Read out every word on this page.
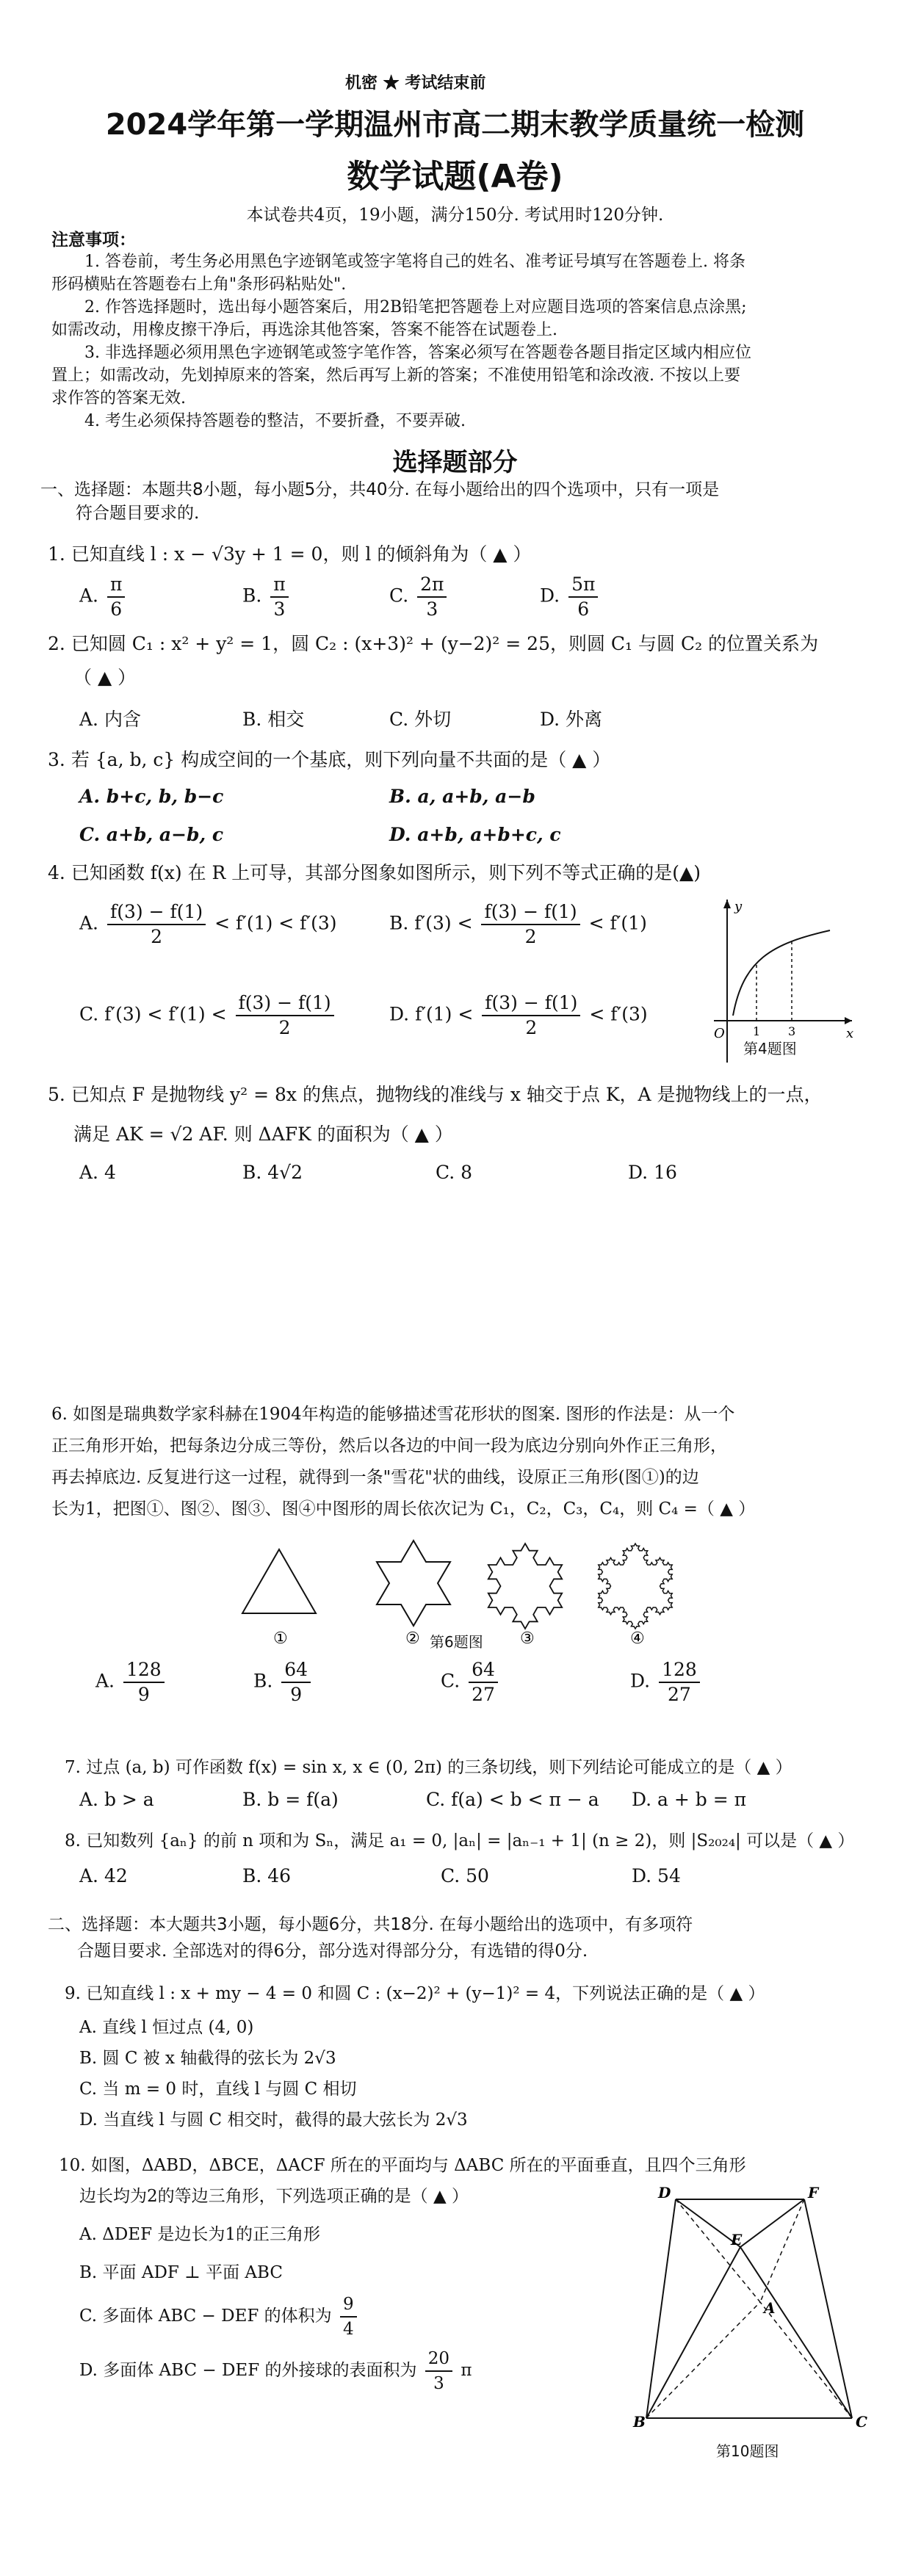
机密 ★ 考试结束前
2024学年第一学期温州市高二期末教学质量统一检测
数学试题(A卷)
本试卷共4页，19小题，满分150分. 考试用时120分钟.
注意事项：
1. 答卷前，考生务必用黑色字迹钢笔或签字笔将自己的姓名、准考证号填写在答题卷上. 将条
形码横贴在答题卷右上角"条形码粘贴处".
2. 作答选择题时，选出每小题答案后，用2B铅笔把答题卷上对应题目选项的答案信息点涂黑;
如需改动，用橡皮擦干净后，再选涂其他答案，答案不能答在试题卷上.
3. 非选择题必须用黑色字迹钢笔或签字笔作答，答案必须写在答题卷各题目指定区域内相应位
置上；如需改动，先划掉原来的答案，然后再写上新的答案；不准使用铅笔和涂改液. 不按以上要
求作答的答案无效.
4. 考生必须保持答题卷的整洁，不要折叠，不要弄破.
选择题部分
一、选择题：本题共8小题，每小题5分，共40分. 在每小题给出的四个选项中，只有一项是
符合题目要求的.
1. 已知直线 l : x − √3y + 1 = 0，则 l 的倾斜角为（ ▲ ）
A. $\frac{\pi}{6}$	B. $\frac{\pi}{3}$	C. $\frac{2\pi}{3}$	D. $\frac{5\pi}{6}$
2. 已知圆 C₁ : x² + y² = 1，圆 C₂ : (x+3)² + (y−2)² = 25，则圆 C₁ 与圆 C₂ 的位置关系为
（ ▲ ）
A. 内含	B. 相交	C. 外切	D. 外离
3. 若 {a, b, c} 构成空间的一个基底，则下列向量不共面的是（ ▲ ）
A. b+c, b, b−c	B. a, a+b, a−b
C. a+b, a−b, c	D. a+b, a+b+c, c
4. 已知函数 f(x) 在 R 上可导，其部分图象如图所示，则下列不等式正确的是(▲)
A. $\frac{f(3) - f(1)}{2} < f'(1) < f'(3)$	B. $f'(3) < \frac{f(3) - f(1)}{2} < f'(1)$
C. $f'(3) < f'(1) < \frac{f(3) - f(1)}{2}$	D. $f'(1) < \frac{f(3) - f(1)}{2} < f'(3)$
y
x
O 1 3
第4题图
5. 已知点 F 是抛物线 y² = 8x 的焦点，抛物线的准线与 x 轴交于点 K，A 是抛物线上的一点，
满足 AK = √2 AF. 则 ΔAFK 的面积为（ ▲ ）
A. 4	B. 4√2	C. 8	D. 16
6. 如图是瑞典数学家科赫在1904年构造的能够描述雪花形状的图案. 图形的作法是：从一个
正三角形开始，把每条边分成三等份，然后以各边的中间一段为底边分别向外作正三角形，
再去掉底边. 反复进行这一过程，就得到一条"雪花"状的曲线，设原正三角形(图①)的边
长为1，把图①、图②、图③、图④中图形的周长依次记为 C₁，C₂，C₃，C₄，则 C₄ =（ ▲ ）
①	②	③	④
第6题图
A. $\frac{128}{9}$	B. $\frac{64}{9}$	C. $\frac{64}{27}$	D. $\frac{128}{27}$
7. 过点 (a, b) 可作函数 f(x) = sin x, x ∈ (0, 2π) 的三条切线，则下列结论可能成立的是（ ▲ ）
A. b > a	B. b = f(a)	C. f(a) < b < π − a D. a + b = π
8. 已知数列 {aₙ} 的前 n 项和为 Sₙ，满足 a₁ = 0, |aₙ| = |aₙ₋₁ + 1| (n ≥ 2)，则 |S₂₀₂₄| 可以是（ ▲ ）
A. 42	B. 46	C. 50	D. 54
二、选择题：本大题共3小题，每小题6分，共18分. 在每小题给出的选项中，有多项符
合题目要求. 全部选对的得6分，部分选对得部分分，有选错的得0分.
9. 已知直线 l : x + my − 4 = 0 和圆 C : (x−2)² + (y−1)² = 4，下列说法正确的是（ ▲ ）
A. 直线 l 恒过点 (4, 0)
B. 圆 C 被 x 轴截得的弦长为 2√3
C. 当 m = 0 时，直线 l 与圆 C 相切
D. 当直线 l 与圆 C 相交时，截得的最大弦长为 2√3
10. 如图，ΔABD，ΔBCE，ΔACF 所在的平面均与 ΔABC 所在的平面垂直，且四个三角形
边长均为2的等边三角形，下列选项正确的是（ ▲ ）
A. ΔDEF 是边长为1的正三角形
B. 平面 ADF ⊥ 平面 ABC
C. 多面体 ABC − DEF 的体积为 $\frac{9}{4}$
D. 多面体 ABC − DEF 的外接球的表面积为 $\frac{20}{3}$ π
D	F
E
A
B	C
第10题图
